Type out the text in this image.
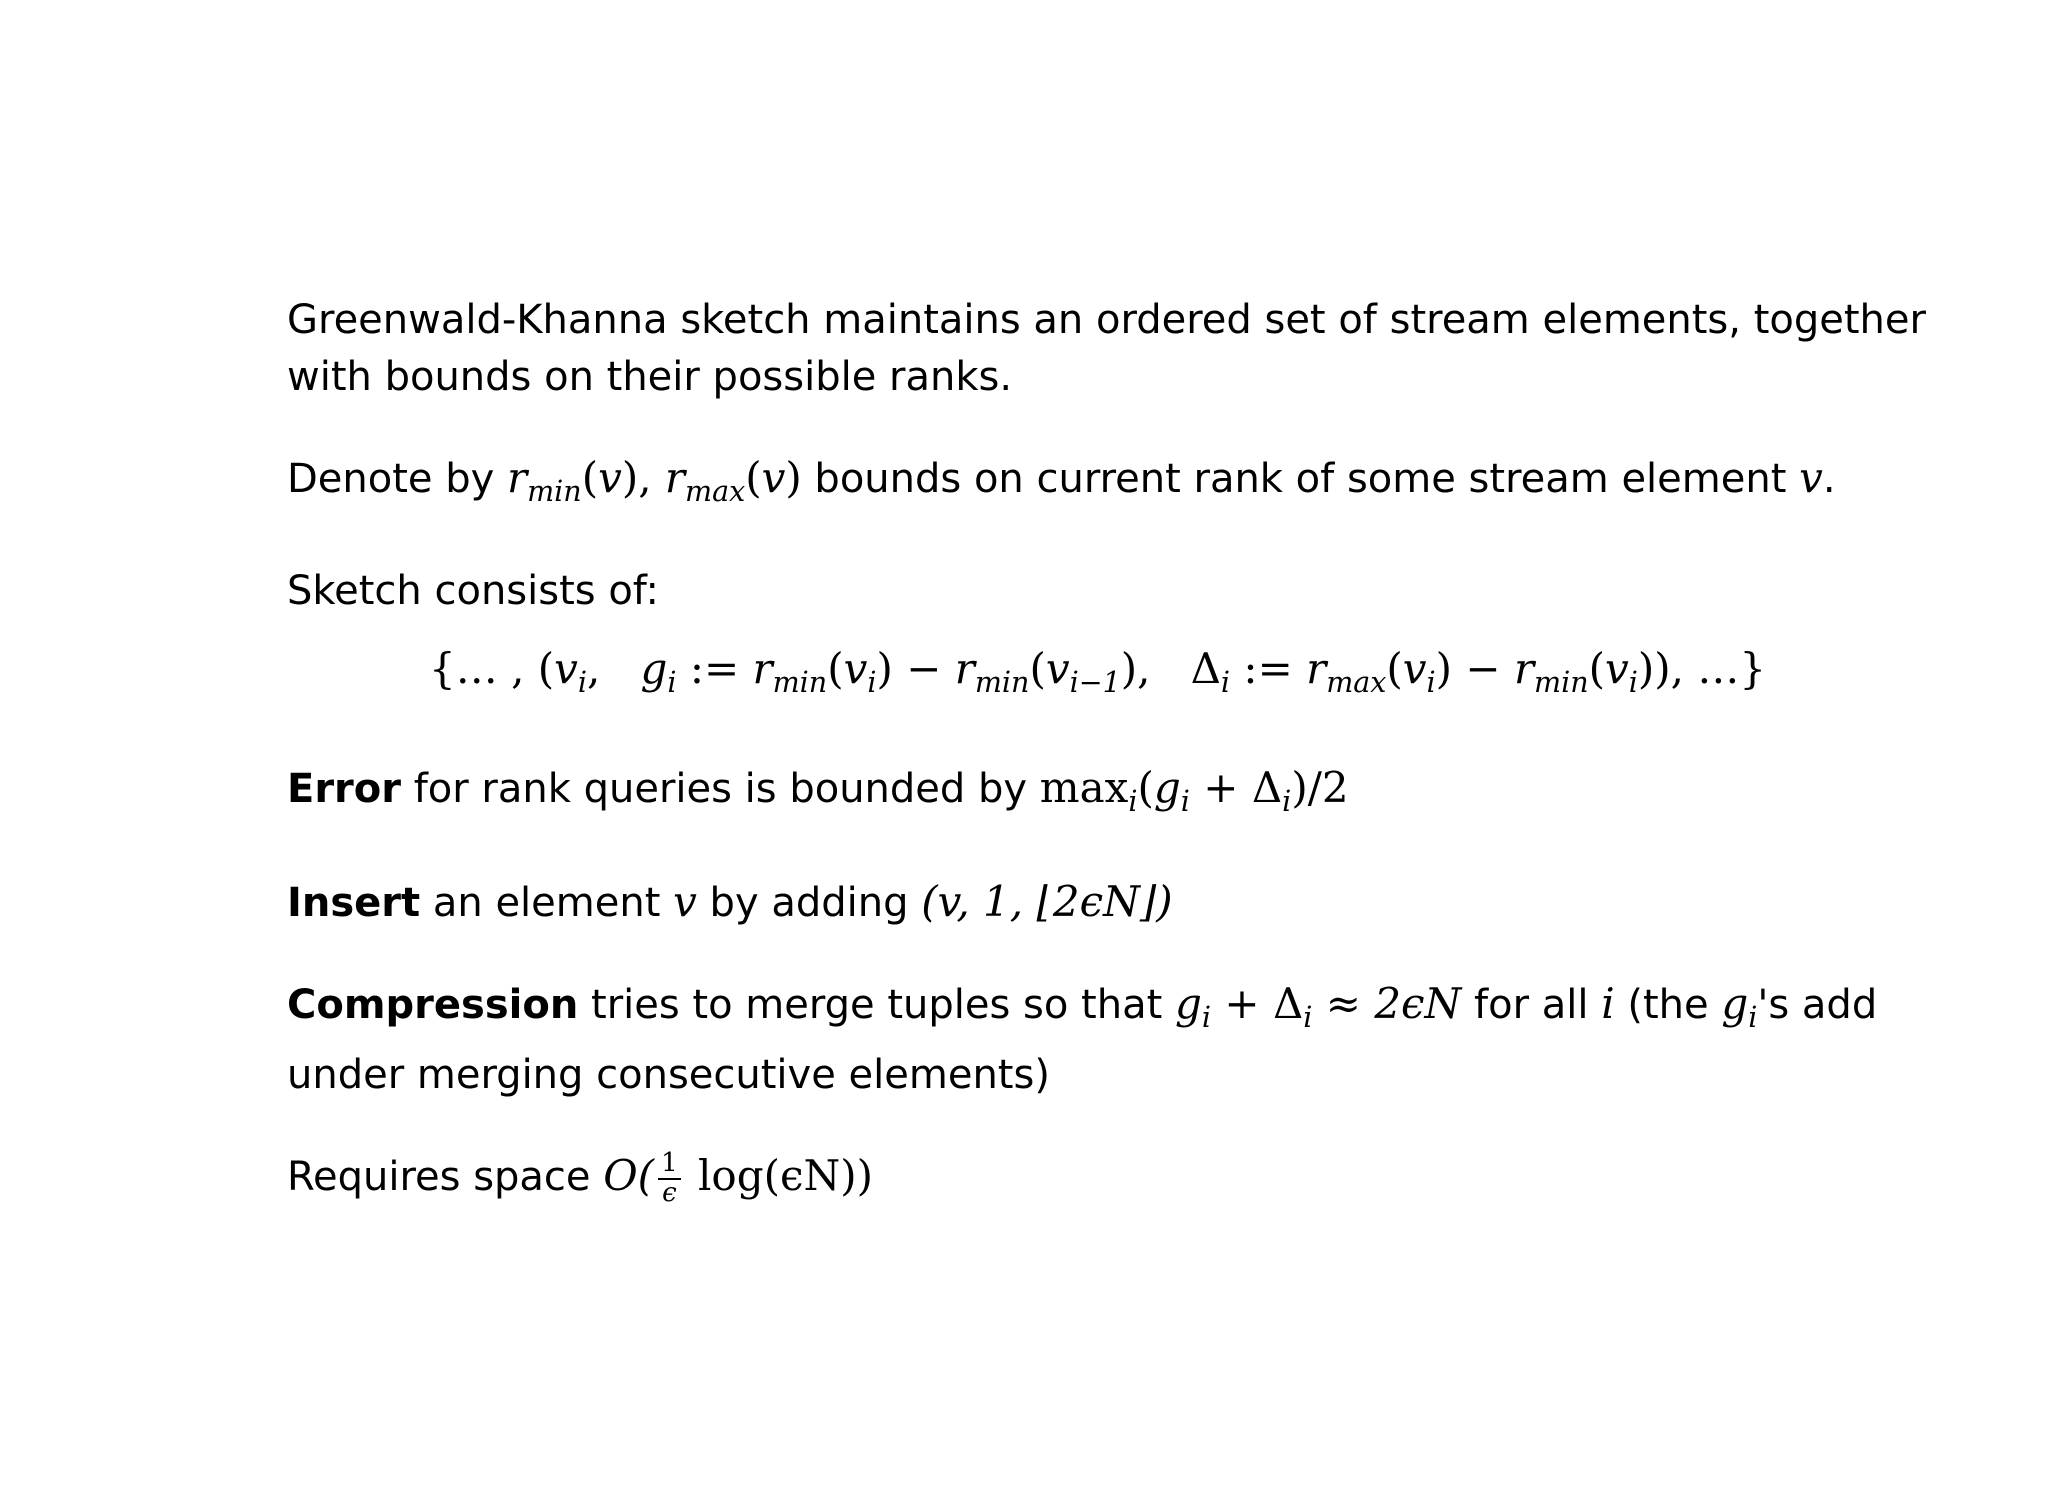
Greenwald-Khanna sketch maintains an ordered set of stream elements, together with bounds on their possible ranks.

Denote by $r_{min}(v)$, $r_{max}(v)$ bounds on current rank of some stream element v.

Sketch consists of:

{… , ($v_i$,   $g_i$ := $r_{min}(v_i) - r_{min}(v_{i-1})$,   $\Delta_i$ := $r_{max}(v_i) - r_{min}(v_i)$), …}

Error for rank queries is bounded by $\max_i(g_i + \Delta_i)/2$

Insert an element v by adding (v, 1, ⌊2ϵN⌋)

Compression tries to merge tuples so that $g_i + \Delta_i \approx 2\epsilon N$ for all i (the $g_i's$ add under merging consecutive elements)

Requires space $O( \frac{1}{\epsilon} \log(\epsilon N))$
